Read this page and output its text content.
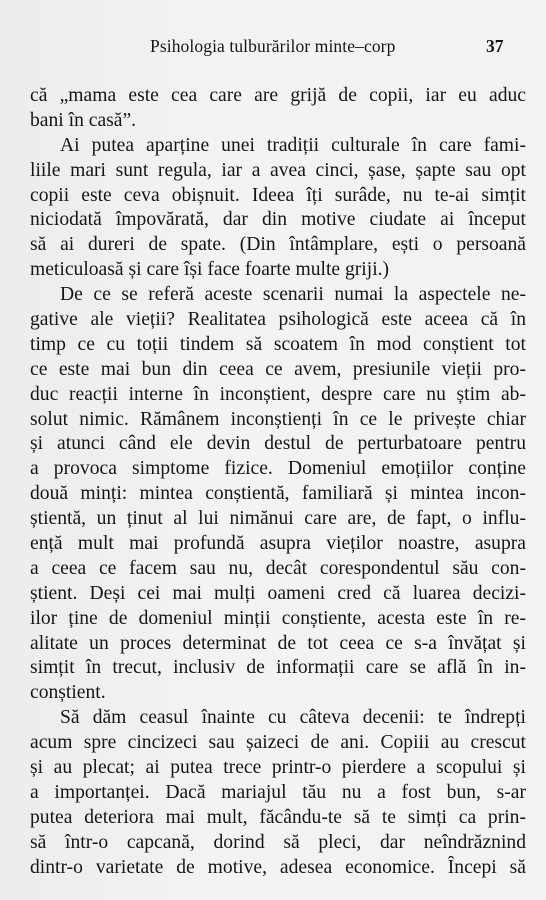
Psihologia tulburărilor minte–corp	37
că „mama este cea care are grijă de copii, iar eu aduc
bani în casă”.
Ai putea aparține unei tradiții culturale în care fami-
liile mari sunt regula, iar a avea cinci, șase, șapte sau opt
copii este ceva obișnuit. Ideea îți surâde, nu te-ai simțit
niciodată împovărată, dar din motive ciudate ai început
să ai dureri de spate. (Din întâmplare, ești o persoană
meticuloasă și care își face foarte multe griji.)
De ce se referă aceste scenarii numai la aspectele ne-
gative ale vieții? Realitatea psihologică este aceea că în
timp ce cu toții tindem să scoatem în mod conștient tot
ce este mai bun din ceea ce avem, presiunile vieții pro-
duc reacții interne în inconștient, despre care nu știm ab-
solut nimic. Rămânem inconștienți în ce le privește chiar
și atunci când ele devin destul de perturbatoare pentru
a provoca simptome fizice. Domeniul emoțiilor conține
două minți: mintea conștientă, familiară și mintea incon-
știentă, un ținut al lui nimănui care are, de fapt, o influ-
ență mult mai profundă asupra vieților noastre, asupra
a ceea ce facem sau nu, decât corespondentul său con-
știent. Deși cei mai mulți oameni cred că luarea decizi-
ilor ține de domeniul minții conștiente, acesta este în re-
alitate un proces determinat de tot ceea ce s-a învățat și
simțit în trecut, inclusiv de informații care se află în in-
conștient.
Să dăm ceasul înainte cu câteva decenii: te îndrepți
acum spre cincizeci sau șaizeci de ani. Copiii au crescut
și au plecat; ai putea trece printr-o pierdere a scopului și
a importanței. Dacă mariajul tău nu a fost bun, s-ar
putea deteriora mai mult, făcându-te să te simți ca prin-
să într-o capcană, dorind să pleci, dar neîndrăznind
dintr-o varietate de motive, adesea economice. Începi să
